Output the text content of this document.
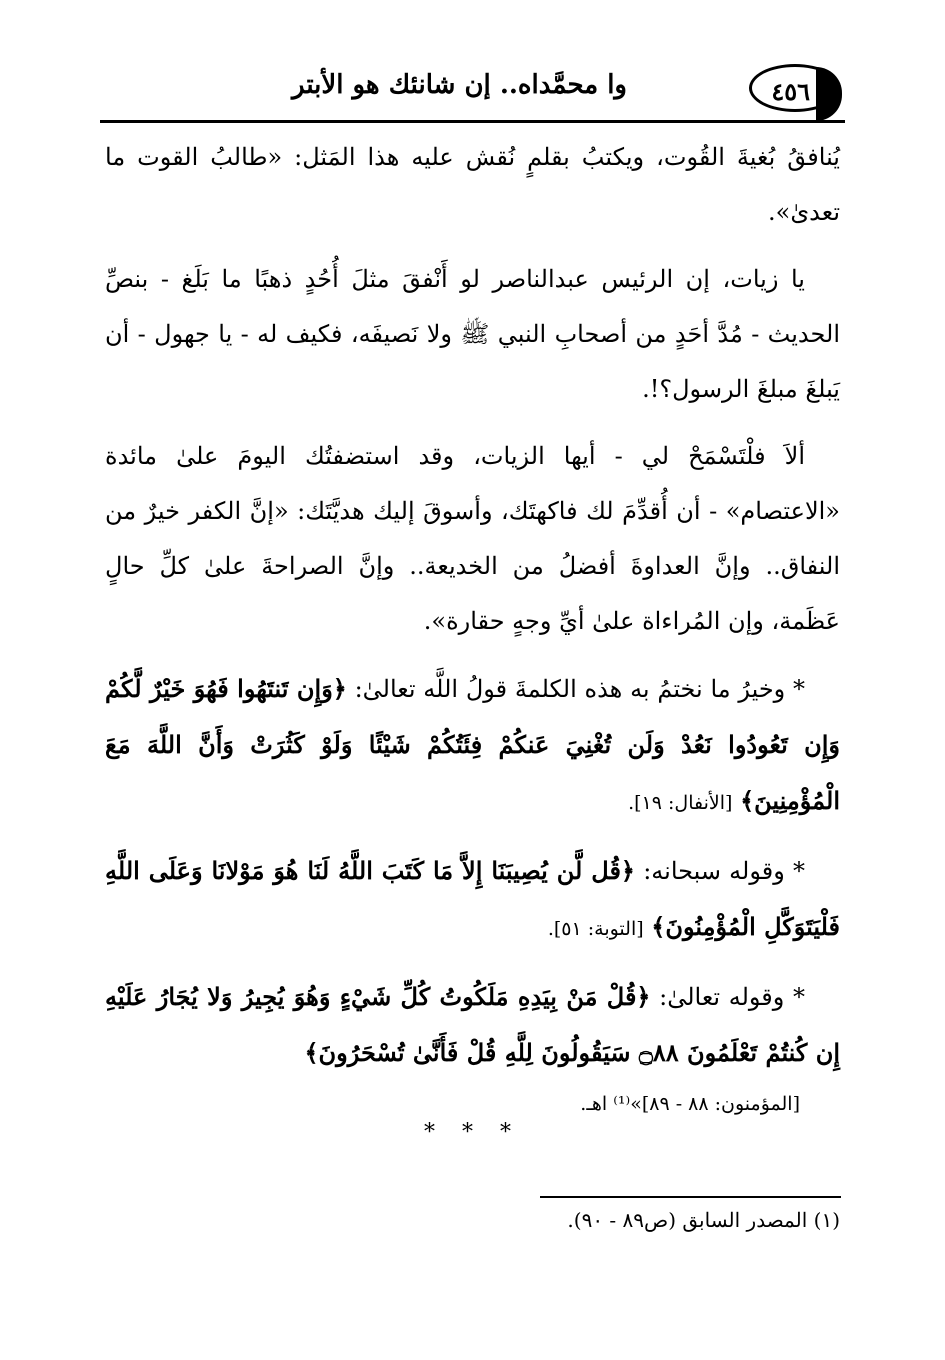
وا محمَّداه.. إن شانئك هو الأبتر	٤٥٦

يُنافقُ بُغيةَ القُوت، ويكتبُ بقلمٍ نُقش عليه هذا المَثل: «طالبُ القوت ما تعدىٰ».

يا زيات، إن الرئيس عبدالناصر لو أَنْفقَ مثلَ أُحُدٍ ذهبًا ما بَلَغ - بنصِّ الحديث - مُدَّ أحَدٍ من أصحابِ النبي ﷺ ولا نَصيفَه، فكيف له - يا جهول - أن يَبلغَ مبلغَ الرسول؟!.

ألاَ فلْتَسْمَحْ لي - أيها الزيات، وقد استضفتُك اليومَ علىٰ مائدة «الاعتصام» - أن أُقدِّمَ لك فاكهتَك، وأسوقَ إليك هديَّتَك: «إنَّ الكفر خيرٌ من النفاق.. وإنَّ العداوةَ أفضلُ من الخديعة.. وإنَّ الصراحةَ علىٰ كلِّ حالٍ عَظَمة، وإن المُراءاة علىٰ أيِّ وجهٍ حقارة».

* وخيرُ ما نختمُ به هذه الكلمةَ قولُ اللَّه تعالىٰ: ﴿وَإِن تَنتَهُوا فَهُوَ خَيْرٌ لَّكُمْ وَإِن تَعُودُوا نَعُدْ وَلَن تُغْنِيَ عَنكُمْ فِئَتُكُمْ شَيْئًا وَلَوْ كَثُرَتْ وَأَنَّ اللَّهَ مَعَ الْمُؤْمِنِينَ﴾ [الأنفال: ١٩].

* وقوله سبحانه: ﴿قُل لَّن يُصِيبَنَا إِلاَّ مَا كَتَبَ اللَّهُ لَنَا هُوَ مَوْلانَا وَعَلَى اللَّهِ فَلْيَتَوَكَّلِ الْمُؤْمِنُونَ﴾ [التوبة: ٥١].

* وقوله تعالىٰ: ﴿قُلْ مَنْ بِيَدِهِ مَلَكُوتُ كُلِّ شَيْءٍ وَهُوَ يُجِيرُ وَلا يُجَارُ عَلَيْهِ إِن كُنتُمْ تَعْلَمُونَ ۝٨٨ سَيَقُولُونَ لِلَّهِ قُلْ فَأَنَّىٰ تُسْحَرُونَ﴾

[المؤمنون: ٨٨ - ٨٩]»⁽¹⁾ اهـ.
* * *
(١) المصدر السابق (ص٨٩ - ٩٠).
